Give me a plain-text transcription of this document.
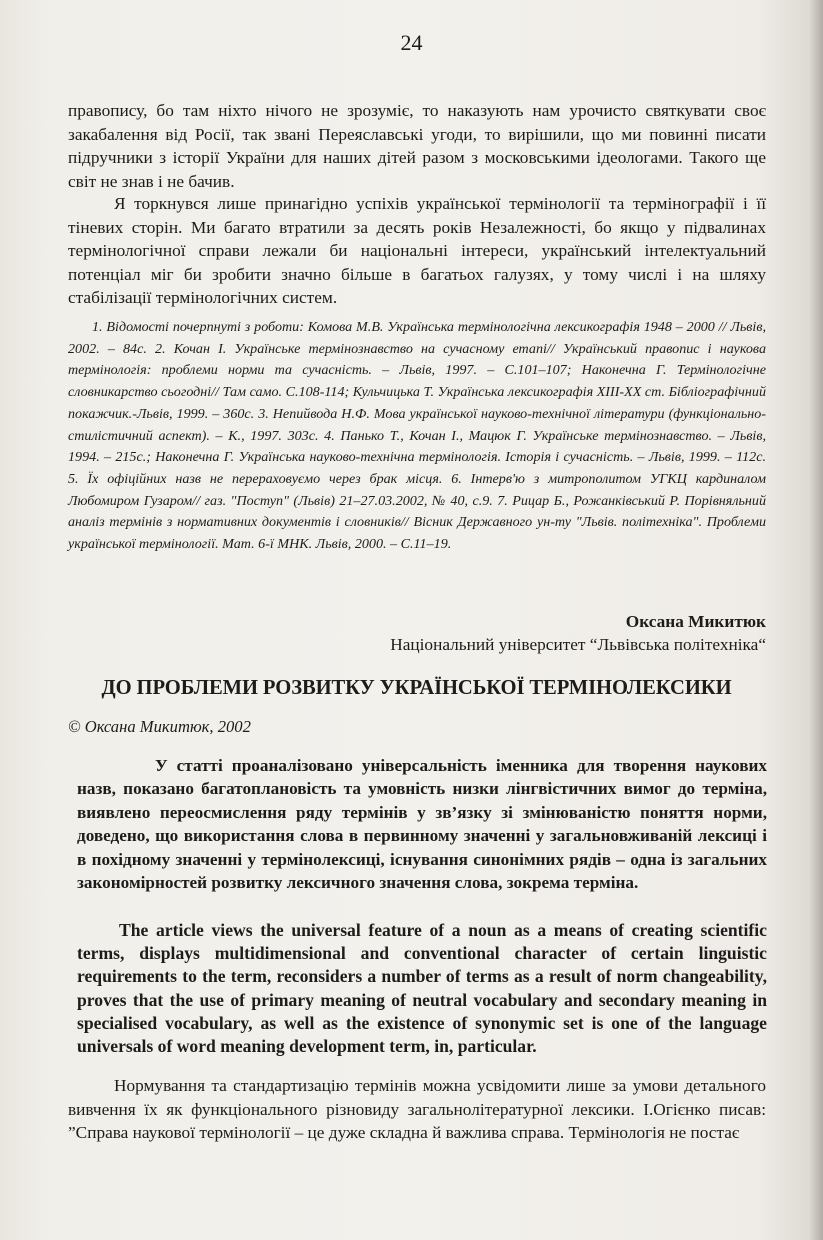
24

правопису, бо там ніхто нічого не зрозуміє, то наказують нам урочисто святкувати своє закабалення від Росії, так звані Переяславські угоди, то вирішили, що ми повинні писати підручники з історії України для наших дітей разом з московськими ідеологами. Такого ще світ не знав і не бачив.

Я торкнувся лише принагідно успіхів української термінології та термінографії і її тіневих сторін. Ми багато втратили за десять років Незалежності, бо якщо у підвалинах термінологічної справи лежали би національні інтереси, український інтелектуальний потенціал міг би зробити значно більше в багатьох галузях, у тому числі і на шляху стабілізації термінологічних систем.

1. Відомості почерпнуті з роботи: Комова М.В. Українська термінологічна лексикографія 1948 – 2000 // Львів, 2002. – 84с. 2. Кочан І. Українське термінознавство на сучасному етапі// Український правопис і наукова термінологія: проблеми норми та сучасність. – Львів, 1997. – С.101–107; Наконечна Г. Термінологічне словникарство сьогодні// Там само. С.108-114; Кульчицька Т. Українська лексикографія ХІІІ-ХХ ст. Бібліографічний покажчик.-Львів, 1999. – 360с. 3. Непийвода Н.Ф. Мова української науково-технічної літератури (функціонально-стилістичний аспект). – К., 1997. 303с. 4. Панько Т., Кочан І., Мацюк Г. Українське термінознавство. – Львів, 1994. – 215с.; Наконечна Г. Українська науково-технічна термінологія. Історія і сучасність. – Львів, 1999. – 112с. 5. Їх офіційних назв не перераховуємо через брак місця. 6. Інтерв'ю з митрополитом УГКЦ кардиналом Любомиром Гузаром// газ. "Поступ" (Львів) 21–27.03.2002, № 40, с.9. 7. Рицар Б., Рожанківський Р. Порівняльний аналіз термінів з нормативних документів і словників// Вісник Державного ун-ту "Львів. політехніка". Проблеми української термінології. Мат. 6-ї МНК. Львів, 2000. – С.11–19.

Оксана Микитюк
Національний університет “Львівська політехніка“
ДО ПРОБЛЕМИ РОЗВИТКУ УКРАЇНСЬКОЇ ТЕРМІНОЛЕКСИКИ
© Оксана Микитюк, 2002

У статті проаналізовано універсальність іменника для творення наукових назв, показано багатоплановість та умовність низки лінгвістичних вимог до терміна, виявлено переосмислення ряду термінів у зв’язку зі змінюваністю поняття норми, доведено, що використання слова в первинному значенні у загальновживаній лексиці і в похідному значенні у термінолексиці, існування синонімних рядів – одна із загальних закономірностей розвитку лексичного значення слова, зокрема терміна.

The article views the universal feature of a noun as a means of creating scientific terms, displays multidimensional and conventional character of certain linguistic requirements to the term, reconsiders a number of terms as a result of norm changeability, proves that the use of primary meaning of neutral vocabulary and secondary meaning in specialised vocabulary, as well as the existence of synonymic set is one of the language universals of word meaning development term, in, particular.

Нормування та стандартизацію термінів можна усвідомити лише за умови детального вивчення їх як функціонального різновиду загальнолітературної лексики. І.Огієнко писав: ”Справа наукової термінології – це дуже складна й важлива справа. Термінологія не постає
